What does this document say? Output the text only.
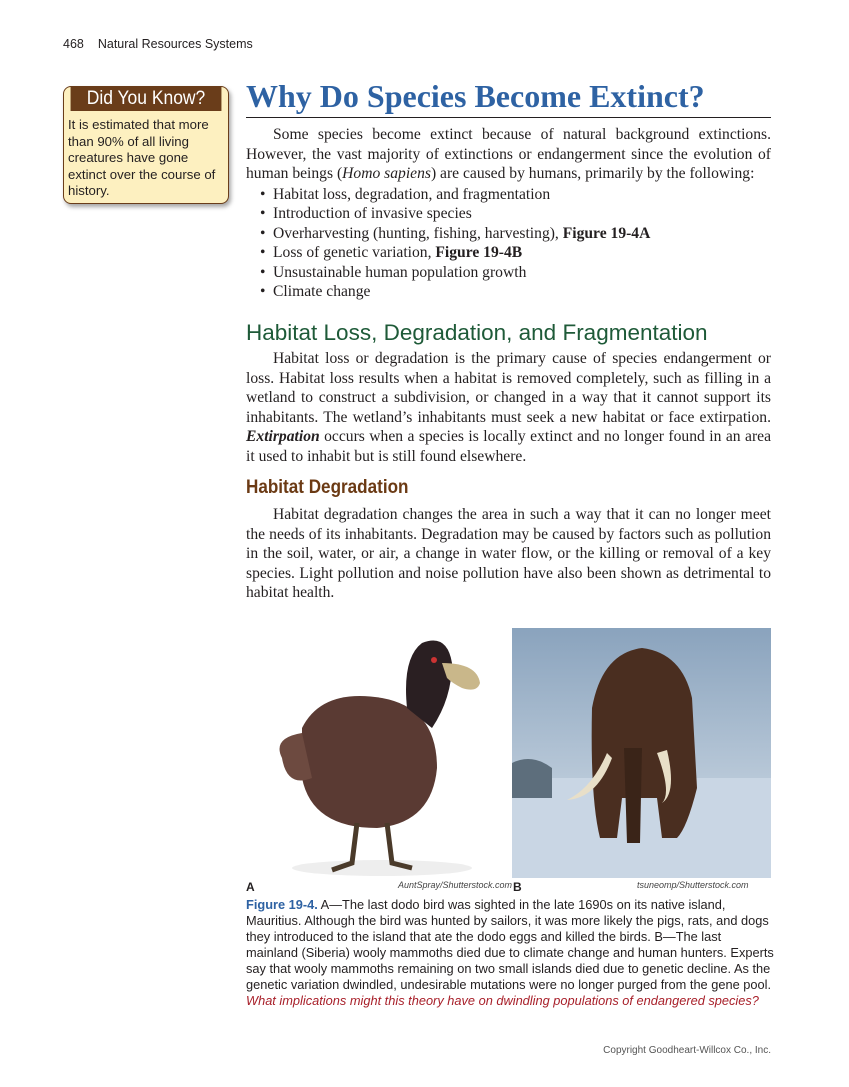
468 Natural Resources Systems
Did You Know?
It is estimated that more than 90% of all living creatures have gone extinct over the course of history.
Why Do Species Become Extinct?

Some species become extinct because of natural background extinctions. However, the vast majority of extinctions or endangerment since the evolution of human beings (Homo sapiens) are caused by humans, primarily by the following:

• Habitat loss, degradation, and fragmentation
• Introduction of invasive species
• Overharvesting (hunting, fishing, harvesting), Figure 19-4A
• Loss of genetic variation, Figure 19-4B
• Unsustainable human population growth
• Climate change
Habitat Loss, Degradation, and Fragmentation

Habitat loss or degradation is the primary cause of species endangerment or loss. Habitat loss results when a habitat is removed completely, such as filling in a wetland to construct a subdivision, or changed in a way that it cannot support its inhabitants. The wetland’s inhabitants must seek a new habitat or face extirpation. Extirpation occurs when a species is locally extinct and no longer found in an area it used to inhabit but is still found elsewhere.

Habitat Degradation

Habitat degradation changes the area in such a way that it can no longer meet the needs of its inhabitants. Degradation may be caused by factors such as pollution in the soil, water, or air, a change in water flow, or the killing or removal of a key species. Light pollution and noise pollution have also been shown as detrimental to habitat health.

A	AuntSpray/Shutterstock.com B	tsuneomp/Shutterstock.com
Figure 19-4. A—The last dodo bird was sighted in the late 1690s on its native island, Mauritius. Although the bird was hunted by sailors, it was more likely the pigs, rats, and dogs they introduced to the island that ate the dodo eggs and killed the birds. B—The last mainland (Siberia) wooly mammoths died due to climate change and human hunters. Experts say that wooly mammoths remaining on two small islands died due to genetic decline. As the genetic variation dwindled, undesirable mutations were no longer purged from the gene pool. What implications might this theory have on dwindling populations of endangered species?
Copyright Goodheart-Willcox Co., Inc.
